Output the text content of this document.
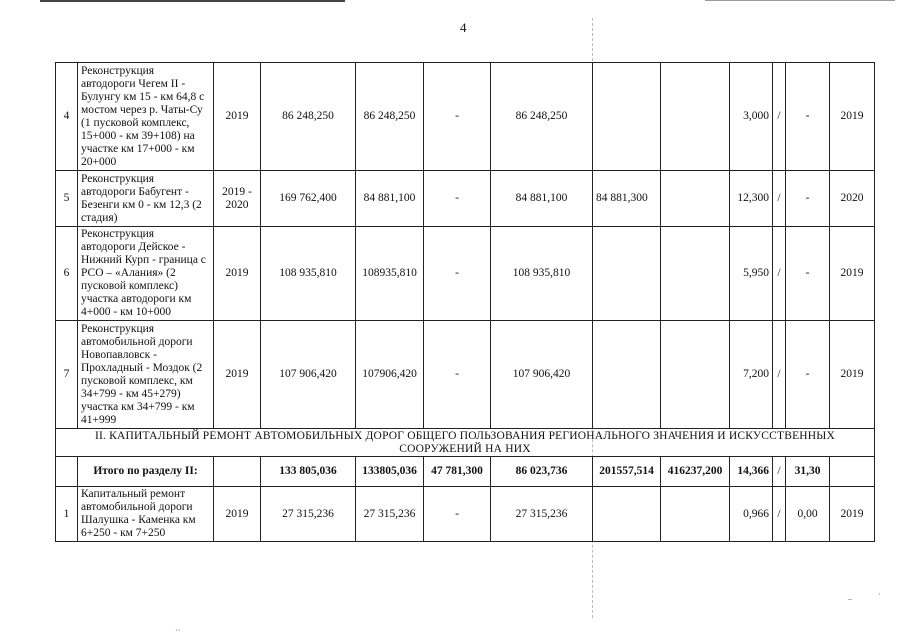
4
4	Реконструкция автодороги Чегем II - Булунгу км 15 - км 64,8 с мостом через р. Чаты-Су (1 пусковой комплекс, 15+000 - км 39+108) на участке км 17+000 - км 20+000	2019	86 248,250	86 248,250	-	86 248,250			3,000	/	-	2019
5	Реконструкция автодороги Бабугент - Безенги км 0 - км 12,3 (2 стадия)	2019 - 2020	169 762,400	84 881,100	-	84 881,100	84 881,300		12,300	/	-	2020
6	Реконструкция автодороги Дейское - Нижний Курп - граница с РСО – «Алания» (2 пусковой комплекс) участка автодороги км 4+000 - км 10+000	2019	108 935,810	108935,810	-	108 935,810			5,950	/	-	2019
7	Реконструкция автомобильной дороги Новопавловск - Прохладный - Моздок (2 пусковой комплекс, км 34+799 - км 45+279) участка км 34+799 - км 41+999	2019	107 906,420	107906,420	-	107 906,420			7,200	/	-	2019
II. КАПИТАЛЬНЫЙ РЕМОНТ АВТОМОБИЛЬНЫХ ДОРОГ ОБЩЕГО ПОЛЬЗОВАНИЯ РЕГИОНАЛЬНОГО ЗНАЧЕНИЯ И ИСКУССТВЕННЫХ СООРУЖЕНИЙ НА НИХ												
	Итого по разделу II:		133 805,036	133805,036	47 781,300	86 023,736	201557,514	416237,200	14,366	/	31,30	
1	Капитальный ремонт автомобильной дороги Шалушка - Каменка км 6+250 - км 7+250	2019	27 315,236	27 315,236	-	27 315,236			0,966	/	0,00	2019
–	·
··
